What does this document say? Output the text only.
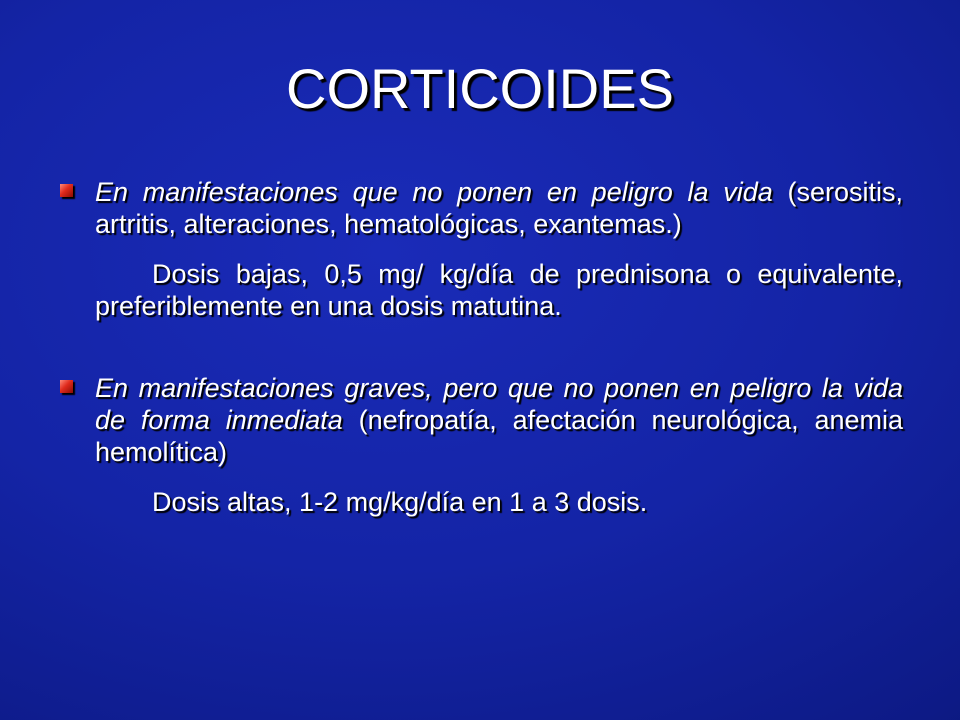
CORTICOIDES

En manifestaciones que no ponen en peligro la vida (serositis, artritis, alteraciones, hematológicas, exantemas.)

Dosis bajas, 0,5 mg/ kg/día de prednisona o equivalente, preferiblemente en una dosis matutina.

En manifestaciones graves, pero que no ponen en peligro la vida de forma inmediata (nefropatía, afectación neurológica, anemia hemolítica)

Dosis altas, 1-2 mg/kg/día en 1 a 3 dosis.
